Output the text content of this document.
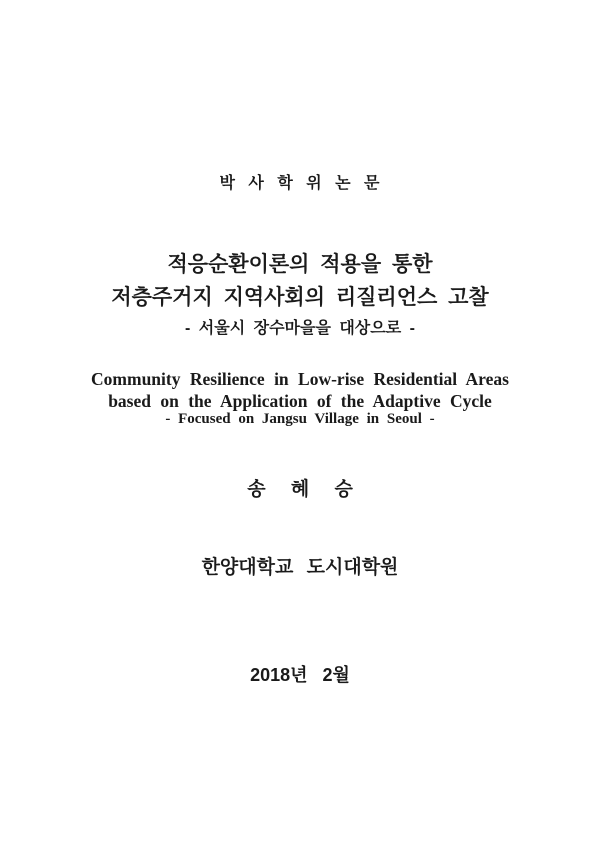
박 사 학 위 논 문
적응순환이론의 적용을 통한
저층주거지 지역사회의 리질리언스 고찰
- 서울시 장수마을을 대상으로 -
Community Resilience in Low-rise Residential Areas
based on the Application of the Adaptive Cycle
- Focused on Jangsu Village in Seoul -
송 혜 승
한양대학교 도시대학원
2018년 2월
